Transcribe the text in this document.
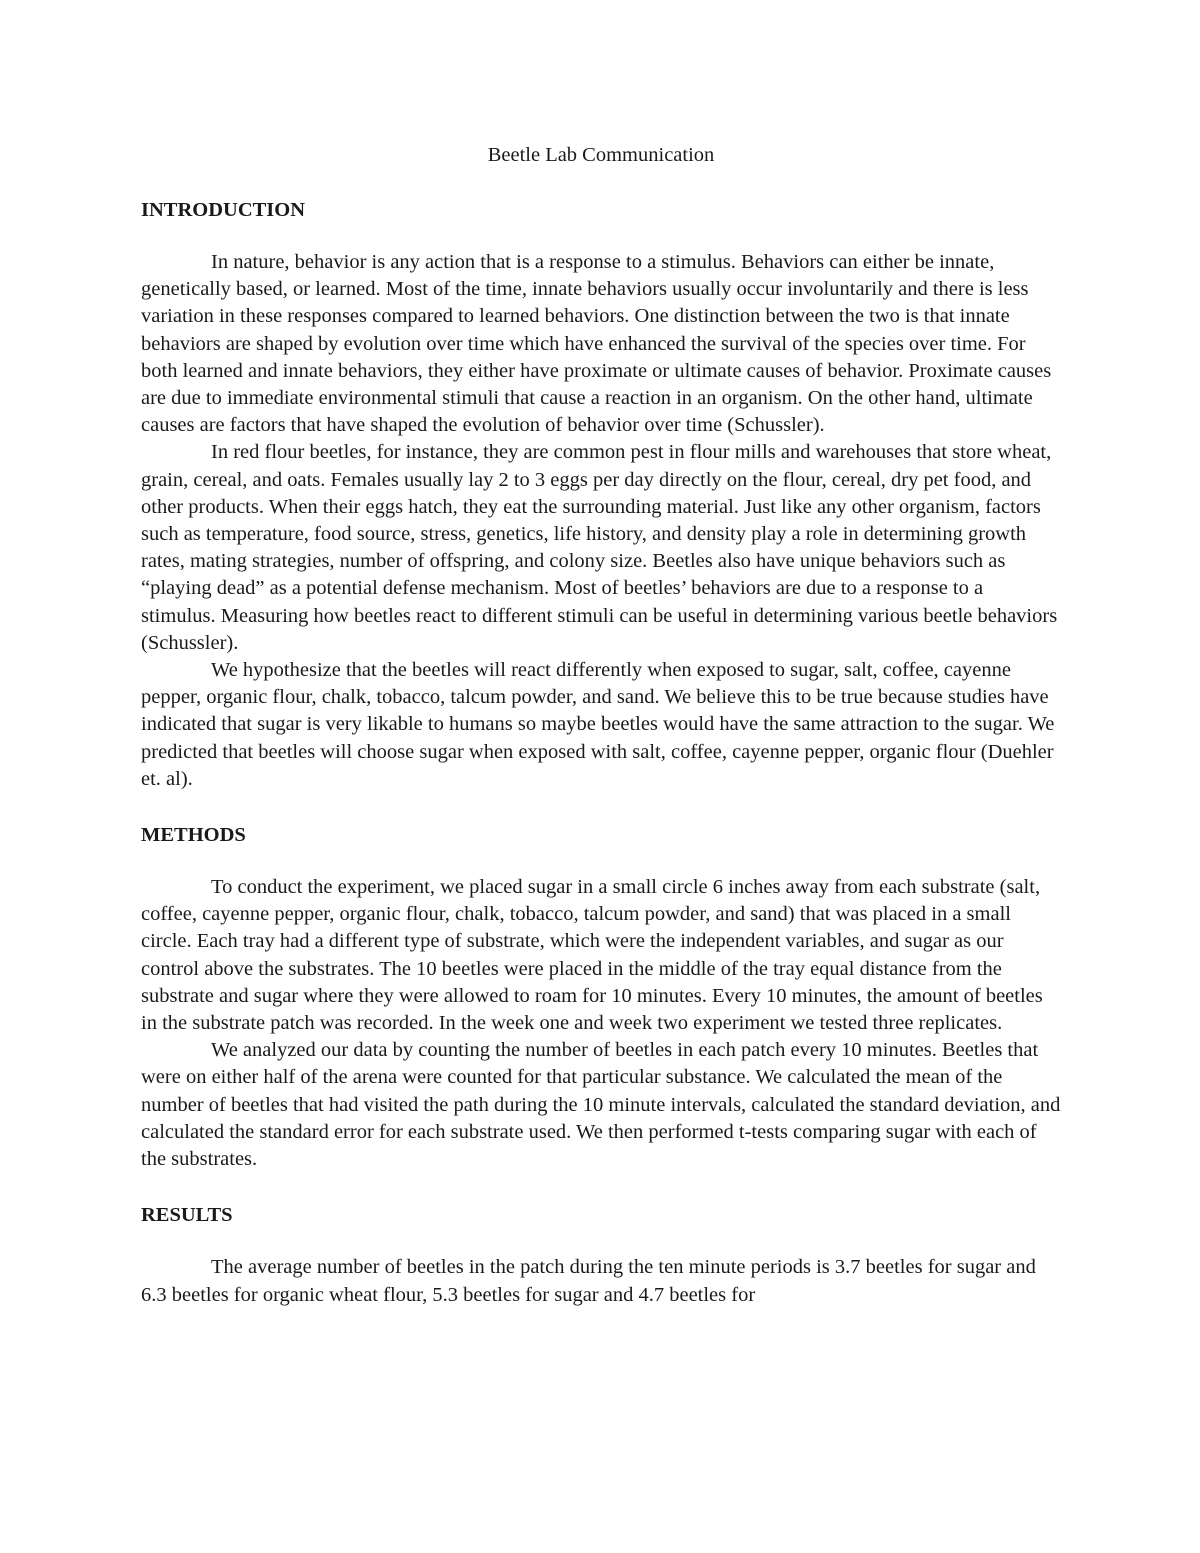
Beetle Lab Communication
INTRODUCTION

In nature, behavior is any action that is a response to a stimulus. Behaviors can either be innate, genetically based, or learned. Most of the time, innate behaviors usually occur involuntarily and there is less variation in these responses compared to learned behaviors. One distinction between the two is that innate behaviors are shaped by evolution over time which have enhanced the survival of the species over time. For both learned and innate behaviors, they either have proximate or ultimate causes of behavior. Proximate causes are due to immediate environmental stimuli that cause a reaction in an organism. On the other hand, ultimate causes are factors that have shaped the evolution of behavior over time (Schussler).

In red flour beetles, for instance, they are common pest in flour mills and warehouses that store wheat, grain, cereal, and oats. Females usually lay 2 to 3 eggs per day directly on the flour, cereal, dry pet food, and other products. When their eggs hatch, they eat the surrounding material. Just like any other organism, factors such as temperature, food source, stress, genetics, life history, and density play a role in determining growth rates, mating strategies, number of offspring, and colony size. Beetles also have unique behaviors such as “playing dead” as a potential defense mechanism. Most of beetles’ behaviors are due to a response to a stimulus. Measuring how beetles react to different stimuli can be useful in determining various beetle behaviors (Schussler).

We hypothesize that the beetles will react differently when exposed to sugar, salt, coffee, cayenne pepper, organic flour, chalk, tobacco, talcum powder, and sand. We believe this to be true because studies have indicated that sugar is very likable to humans so maybe beetles would have the same attraction to the sugar. We predicted that beetles will choose sugar when exposed with salt, coffee, cayenne pepper, organic flour (Duehler et. al).

METHODS

To conduct the experiment, we placed sugar in a small circle 6 inches away from each substrate (salt, coffee, cayenne pepper, organic flour, chalk, tobacco, talcum powder, and sand) that was placed in a small circle. Each tray had a different type of substrate, which were the independent variables, and sugar as our control above the substrates. The 10 beetles were placed in the middle of the tray equal distance from the substrate and sugar where they were allowed to roam for 10 minutes. Every 10 minutes, the amount of beetles in the substrate patch was recorded. In the week one and week two experiment we tested three replicates.

We analyzed our data by counting the number of beetles in each patch every 10 minutes. Beetles that were on either half of the arena were counted for that particular substance. We calculated the mean of the number of beetles that had visited the path during the 10 minute intervals, calculated the standard deviation, and calculated the standard error for each substrate used. We then performed t-tests comparing sugar with each of the substrates.

RESULTS

The average number of beetles in the patch during the ten minute periods is 3.7 beetles for sugar and 6.3 beetles for organic wheat flour, 5.3 beetles for sugar and 4.7 beetles for
